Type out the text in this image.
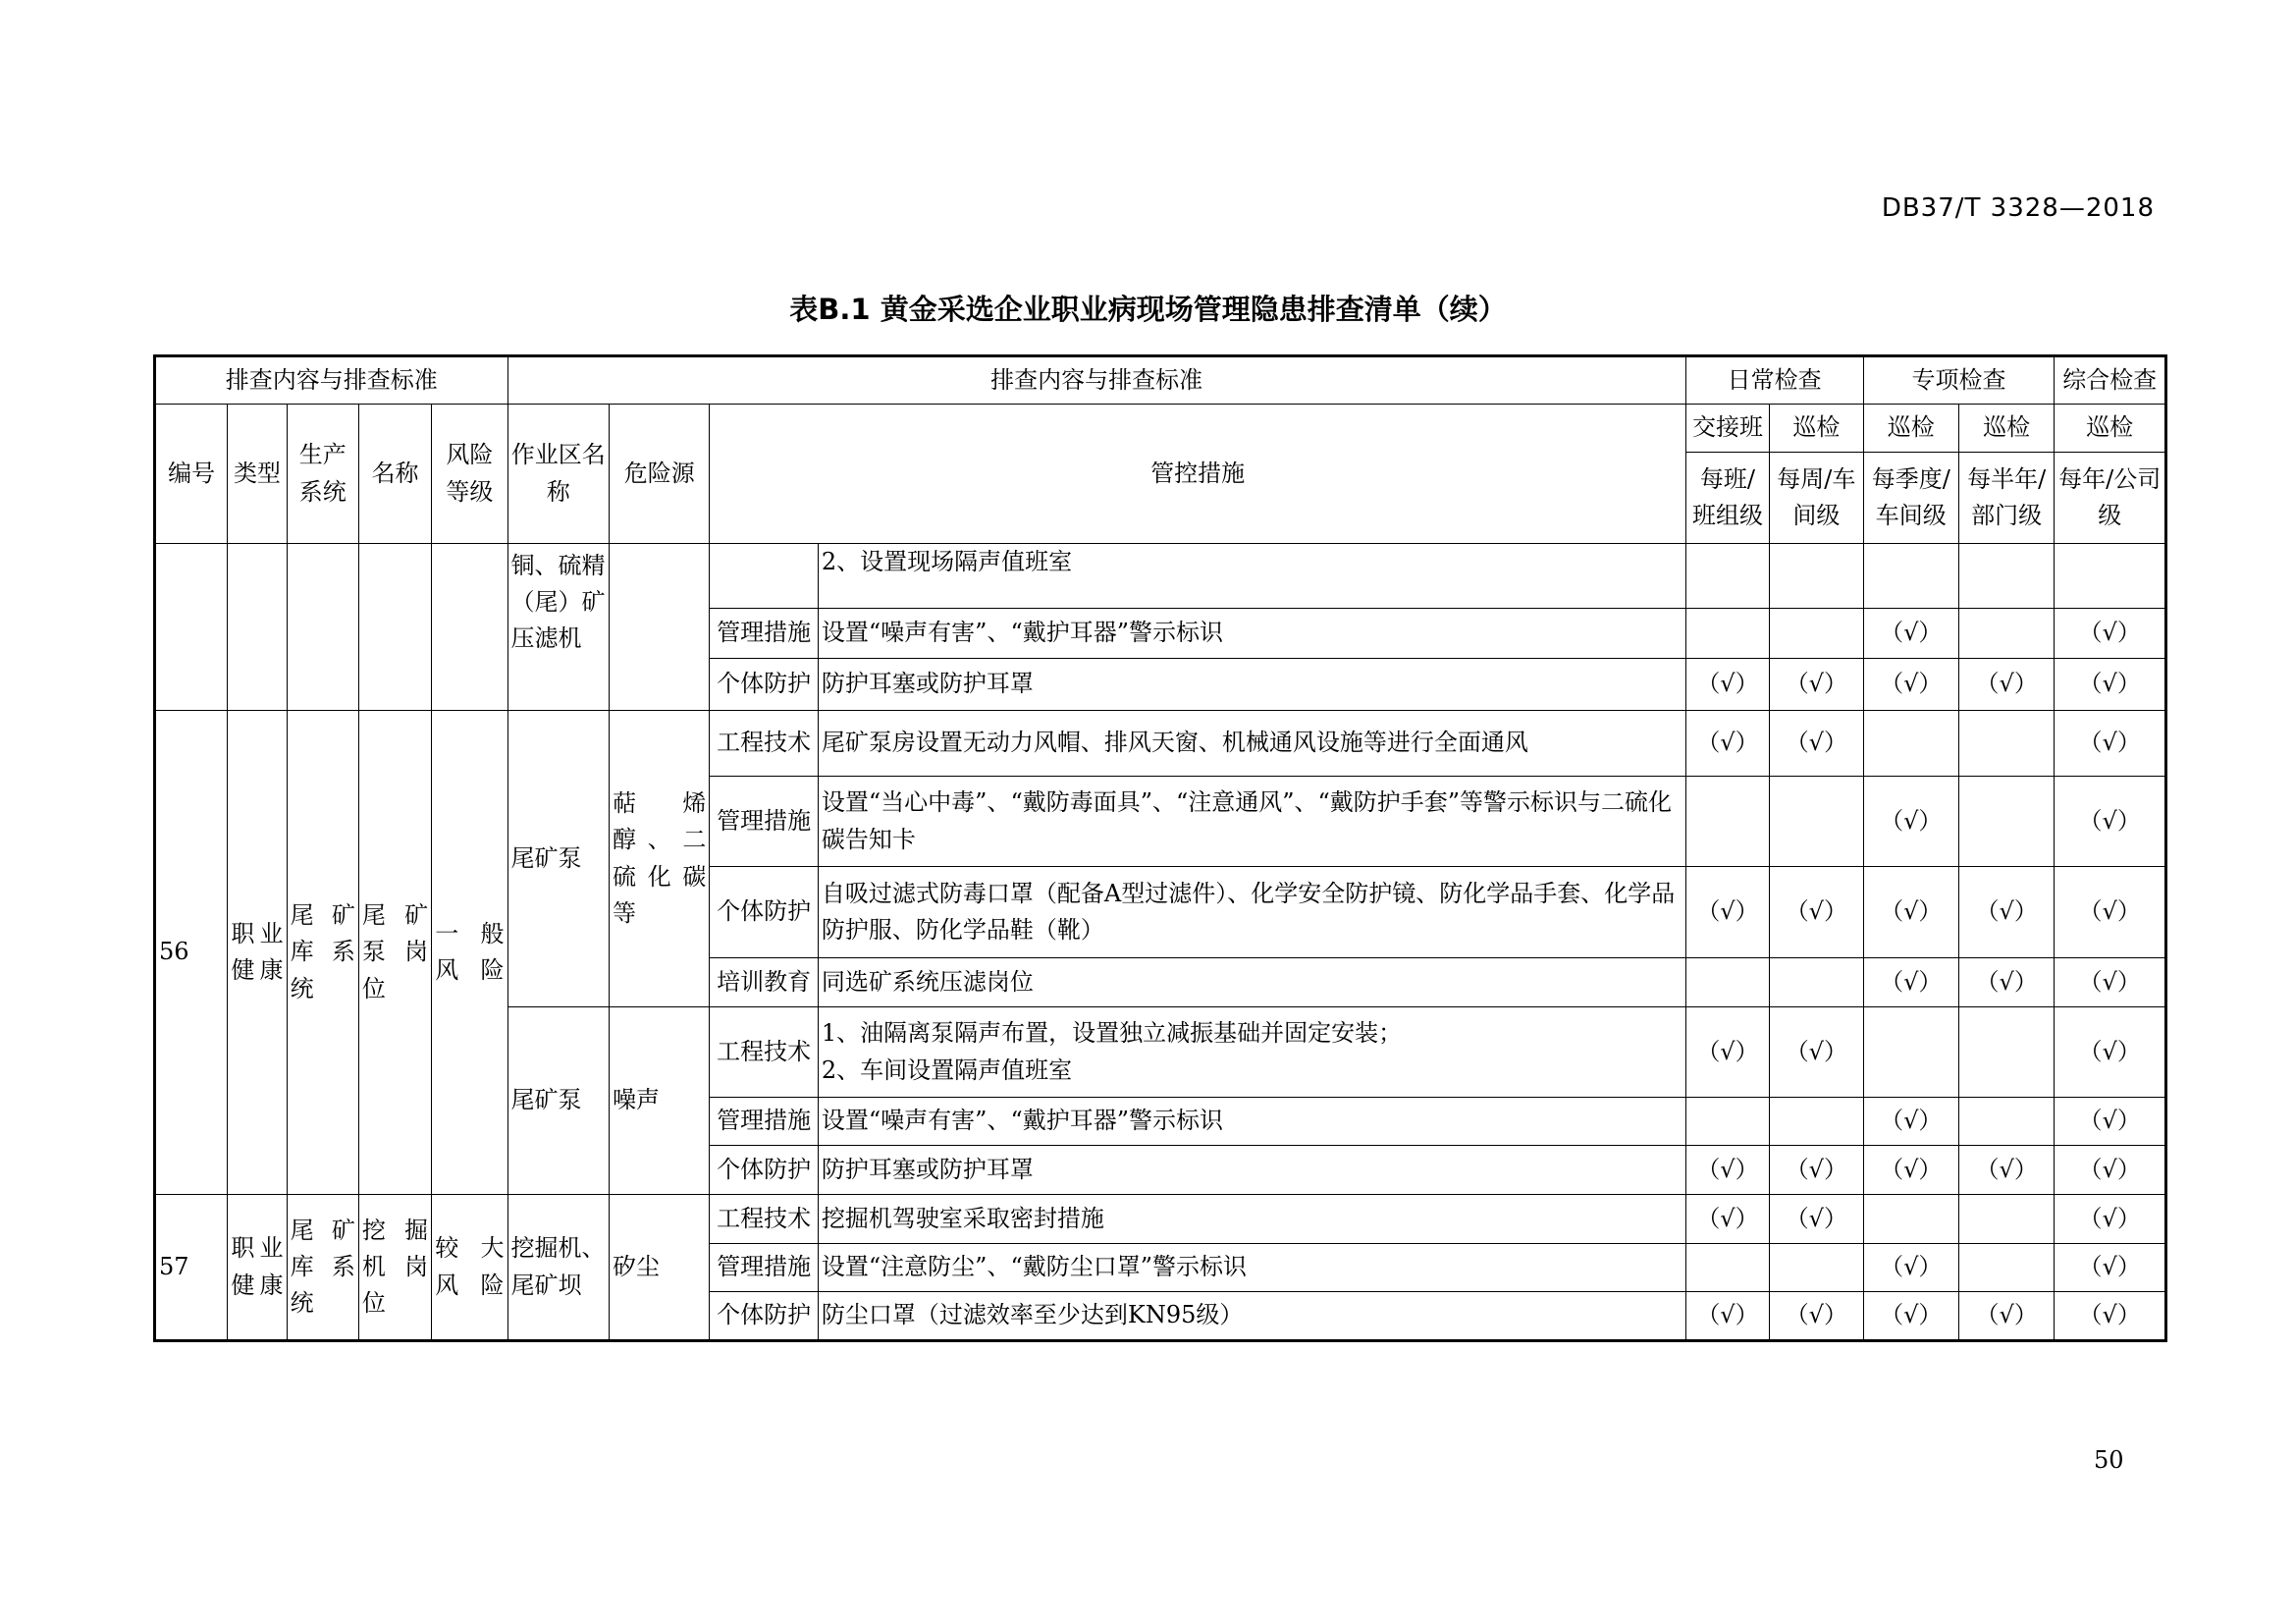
DB37/T 3328—2018
表B.1 黄金采选企业职业病现场管理隐患排查清单（续）
排查内容与排查标准					排查内容与排查标准				日常检查		专项检查		综合检查
编号	类型	生产系统	名称	风险等级	作业区名称	危险源	管控措施		交接班	巡检	巡检	巡检	巡检
									每班/班组级	每周/车间级	每季度/车间级	每半年/部门级	每年/公司级
					铜、硫精（尾）矿压滤机			2、设置现场隔声值班室					
							管理措施	设置“噪声有害”、“戴护耳器”警示标识			（√）		（√）
							个体防护	防护耳塞或防护耳罩	（√）	（√）	（√）	（√）	（√）
56	职业健康	尾矿库系统	尾矿泵岗位	一般风险	尾矿泵	萜烯醇、二硫化碳等	工程技术	尾矿泵房设置无动力风帽、排风天窗、机械通风设施等进行全面通风	（√）	（√）			（√）
							管理措施	设置“当心中毒”、“戴防毒面具”、“注意通风”、“戴防护手套”等警示标识与二硫化碳告知卡			（√）		（√）
							个体防护	自吸过滤式防毒口罩（配备A型过滤件）、化学安全防护镜、防化学品手套、化学品防护服、防化学品鞋（靴）	（√）	（√）	（√）	（√）	（√）
							培训教育	同选矿系统压滤岗位			（√）	（√）	（√）
					尾矿泵	噪声	工程技术	1、油隔离泵隔声布置，设置独立减振基础并固定安装；
2、车间设置隔声值班室	（√）	（√）			（√）
							管理措施	设置“噪声有害”、“戴护耳器”警示标识			（√）		（√）
							个体防护	防护耳塞或防护耳罩	（√）	（√）	（√）	（√）	（√）
57	职业健康	尾矿库系统	挖掘机岗位	较大风险	挖掘机、尾矿坝	矽尘	工程技术	挖掘机驾驶室采取密封措施	（√）	（√）			（√）
							管理措施	设置“注意防尘”、“戴防尘口罩”警示标识			（√）		（√）
							个体防护	防尘口罩（过滤效率至少达到KN95级）	（√）	（√）	（√）	（√）	（√）
50
